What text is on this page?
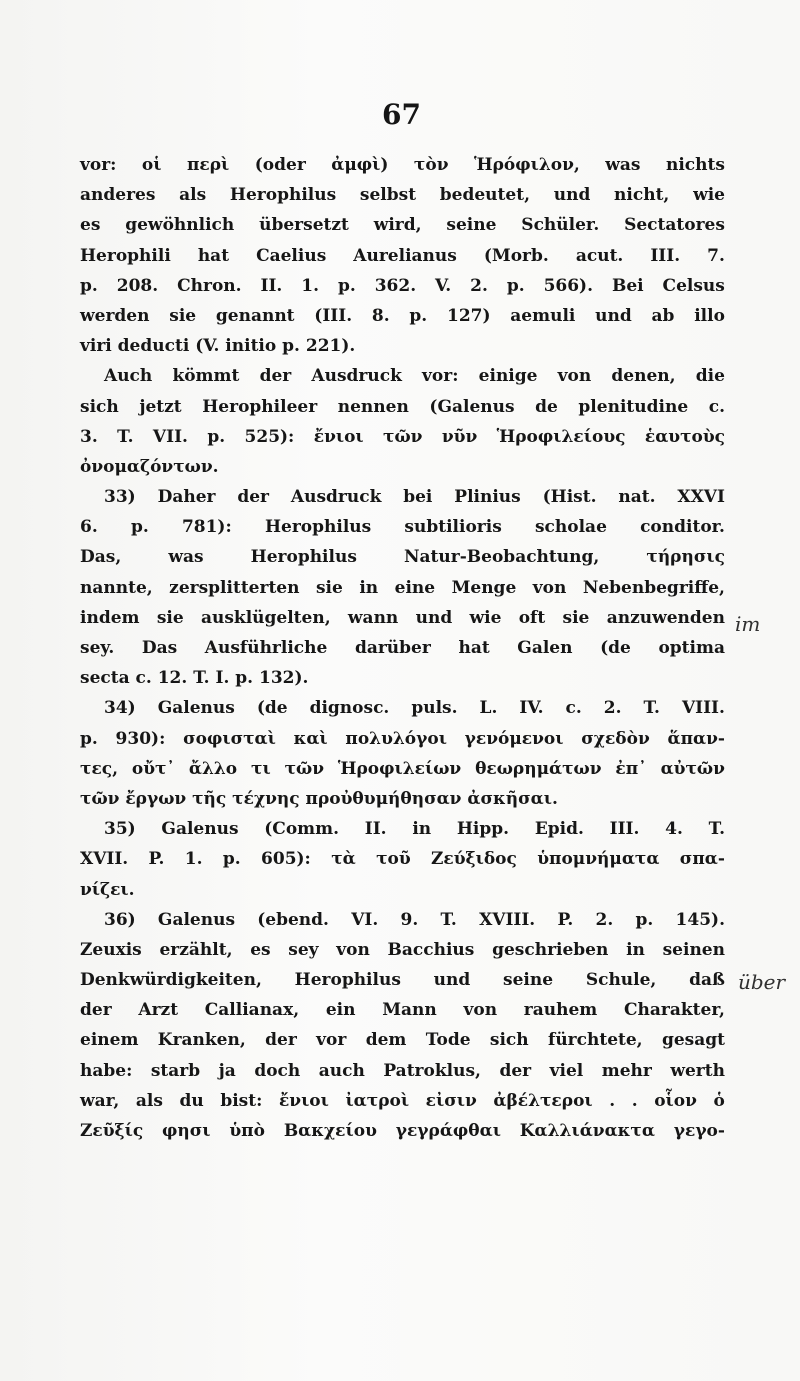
67
vor: οἱ περὶ (oder ἀμφὶ) τὸν Ἡρόφιλον, was nichts
anderes als Herophilus selbst bedeutet, und nicht, wie
es gewöhnlich übersetzt wird, seine Schüler. Sectatores
Herophili hat Caelius Aurelianus (Morb. acut. III. 7.
p. 208. Chron. II. 1. p. 362. V. 2. p. 566). Bei Celsus
werden sie genannt (III. 8. p. 127) aemuli und ab illo
viri deducti (V. initio p. 221).
Auch kömmt der Ausdruck vor: einige von denen, die
sich jetzt Herophileer nennen (Galenus de plenitudine c.
3. T. VII. p. 525): ἔνιοι τῶν νῦν Ἡροφιλείους ἑαυτοὺς
ὀνομαζόντων.
33) Daher der Ausdruck bei Plinius (Hist. nat. XXVI
6. p. 781): Herophilus subtilioris scholae conditor.
Das,	was	Herophilus	Natur-Beobachtung,	τήρησις
nannte, zersplitterten sie in eine Menge von Nebenbegriffe,
indem sie ausklügelten, wann und wie oft sie anzuwenden
sey. Das Ausführliche darüber hat Galen (de optima
secta c. 12. T. I. p. 132).
34) Galenus (de dignosc. puls. L. IV. c. 2. T. VIII.
p. 930): σοφισταὶ καὶ πολυλόγοι γενόμενοι σχεδὸν ἅπαν-
τες, οὔτ᾽ ἄλλο τι τῶν Ἡροφιλείων θεωρημάτων ἐπ᾽ αὐτῶν
τῶν ἔργων τῆς τέχνης προὐθυμήθησαν ἀσκῆσαι.
35) Galenus (Comm. II. in Hipp. Epid. III. 4. T.
XVII. P. 1. p. 605): τὰ τοῦ Ζεύξιδος ὑπομνήματα σπα-
νίζει.
36) Galenus (ebend. VI. 9. T. XVIII. P. 2. p. 145).
Zeuxis erzählt, es sey von Bacchius geschrieben in seinen
Denkwürdigkeiten, Herophilus und seine Schule, daß
der Arzt Callianax, ein Mann von rauhem Charakter,
einem Kranken, der vor dem Tode sich fürchtete, gesagt
habe: starb ja doch auch Patroklus, der viel mehr werth
war, als du bist: ἔνιοι ἰατροὶ εἰσιν ἀβέλτεροι . . οἷον ὁ
Ζεῦξίς φησι ὑπὸ Βακχείου γεγράφθαι Καλλιάνακτα γεγο-
im
über
